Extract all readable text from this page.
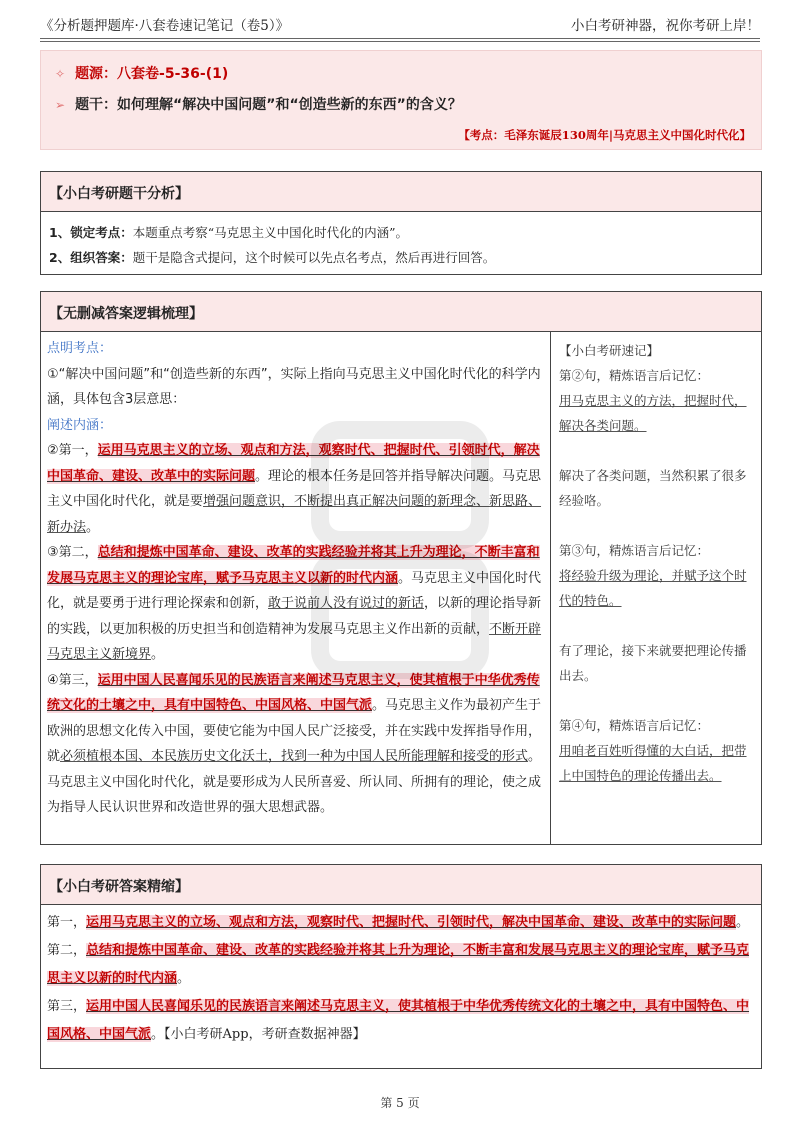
《分析题押题库·八套卷速记笔记（卷5）》	小白考研神器，祝你考研上岸！
✧ 题源：八套卷-5-36-(1)
➢ 题干：如何理解“解决中国问题”和“创造些新的东西”的含义？
【考点：毛泽东诞辰130周年|马克思主义中国化时代化】
【小白考研题干分析】
1、锁定考点：本题重点考察“马克思主义中国化时代化的内涵”。
2、组织答案：题干是隐含式提问，这个时候可以先点名考点，然后再进行回答。
【无删减答案逻辑梳理】
点明考点：
①“解决中国问题”和“创造些新的东西”，实际上指向马克思主义中国化时代化的科学内涵，具体包含3层意思：
阐述内涵：
②第一，运用马克思主义的立场、观点和方法，观察时代、把握时代、引领时代，解决中国革命、建设、改革中的实际问题。理论的根本任务是回答并指导解决问题。马克思主义中国化时代化，就是要增强问题意识，不断提出真正解决问题的新理念、新思路、新办法。
③第二，总结和提炼中国革命、建设、改革的实践经验并将其上升为理论，不断丰富和发展马克思主义的理论宝库，赋予马克思主义以新的时代内涵。马克思主义中国化时代化，就是要勇于进行理论探索和创新，敢于说前人没有说过的新话，以新的理论指导新的实践，以更加积极的历史担当和创造精神为发展马克思主义作出新的贡献，不断开辟马克思主义新境界。
④第三，运用中国人民喜闻乐见的民族语言来阐述马克思主义，使其植根于中华优秀传统文化的土壤之中，具有中国特色、中国风格、中国气派。马克思主义作为最初产生于欧洲的思想文化传入中国，要使它能为中国人民广泛接受，并在实践中发挥指导作用，就必须植根本国、本民族历史文化沃土，找到一种为中国人民所能理解和接受的形式。马克思主义中国化时代化，就是要形成为人民所喜爱、所认同、所拥有的理论，使之成为指导人民认识世界和改造世界的强大思想武器。
【小白考研速记】
第②句，精炼语言后记忆：
用马克思主义的方法，把握时代，解决各类问题。
解决了各类问题，当然积累了很多经验咯。
第③句，精炼语言后记忆：
将经验升级为理论，并赋予这个时代的特色。
有了理论，接下来就要把理论传播出去。
第④句，精炼语言后记忆：
用咱老百姓听得懂的大白话，把带上中国特色的理论传播出去。
【小白考研答案精缩】
第一，运用马克思主义的立场、观点和方法，观察时代、把握时代、引领时代，解决中国革命、建设、改革中的实际问题。
第二，总结和提炼中国革命、建设、改革的实践经验并将其上升为理论，不断丰富和发展马克思主义的理论宝库，赋予马克思主义以新的时代内涵。
第三，运用中国人民喜闻乐见的民族语言来阐述马克思主义，使其植根于中华优秀传统文化的土壤之中，具有中国特色、中国风格、中国气派。【小白考研App，考研查数据神器】
第 5 页
